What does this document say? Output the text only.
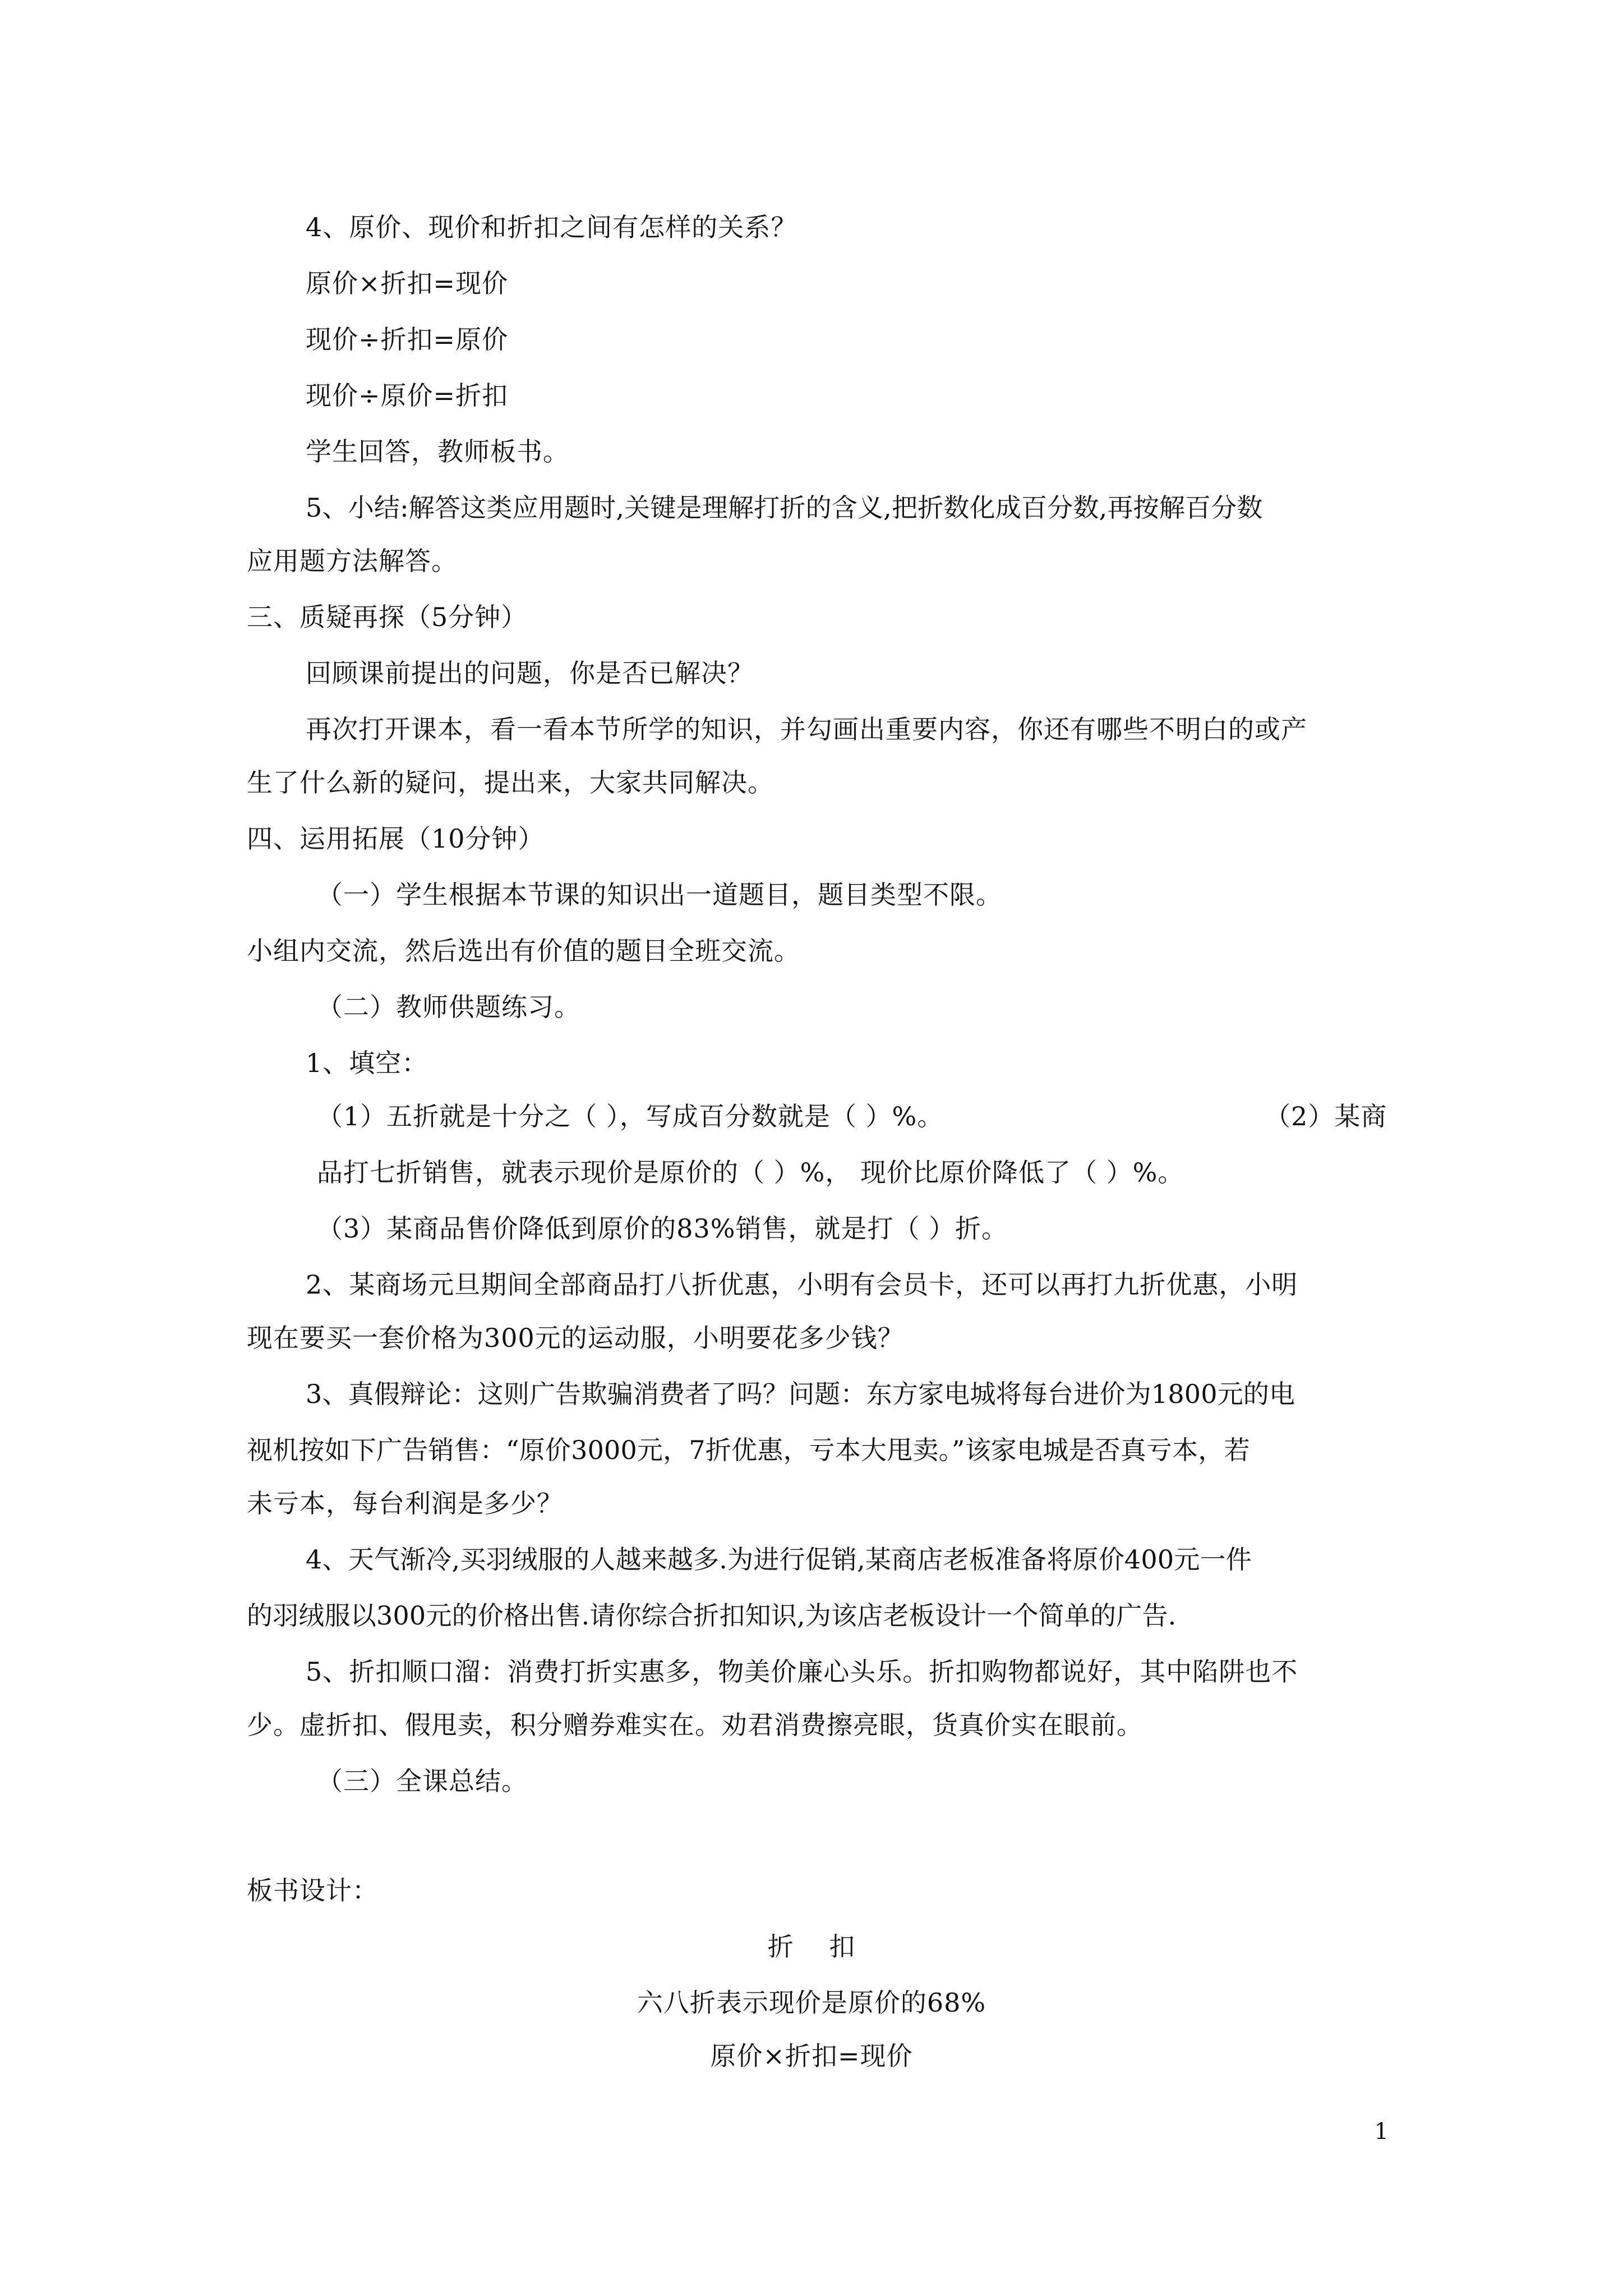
4、原价、现价和折扣之间有怎样的关系？
原价×折扣=现价
现价÷折扣=原价
现价÷原价=折扣
学生回答，教师板书。
5、小结:解答这类应用题时,关键是理解打折的含义,把折数化成百分数,再按解百分数
应用题方法解答。
三、质疑再探（5分钟）
回顾课前提出的问题，你是否已解决？
再次打开课本，看一看本节所学的知识，并勾画出重要内容，你还有哪些不明白的或产
生了什么新的疑问，提出来，大家共同解决。
四、运用拓展（10分钟）
（一）学生根据本节课的知识出一道题目，题目类型不限。
小组内交流，然后选出有价值的题目全班交流。
（二）教师供题练习。
1、填空：
（1）五折就是十分之（ ），写成百分数就是（ ）%。	（2）某商
品打七折销售，就表示现价是原价的（ ）%， 现价比原价降低了（ ）%。
（3）某商品售价降低到原价的83%销售，就是打（ ）折。
2、某商场元旦期间全部商品打八折优惠，小明有会员卡，还可以再打九折优惠，小明
现在要买一套价格为300元的运动服，小明要花多少钱？
3、真假辩论：这则广告欺骗消费者了吗？问题：东方家电城将每台进价为1800元的电
视机按如下广告销售：“原价3000元，7折优惠，亏本大甩卖。”该家电城是否真亏本，若
未亏本，每台利润是多少？
4、天气渐冷,买羽绒服的人越来越多.为进行促销,某商店老板准备将原价400元一件
的羽绒服以300元的价格出售.请你综合折扣知识,为该店老板设计一个简单的广告.
5、折扣顺口溜：消费打折实惠多，物美价廉心头乐。折扣购物都说好，其中陷阱也不
少。虚折扣、假甩卖，积分赠券难实在。劝君消费擦亮眼，货真价实在眼前。
（三）全课总结。
板书设计：
折    扣
六八折表示现价是原价的68%
原价×折扣=现价
1
